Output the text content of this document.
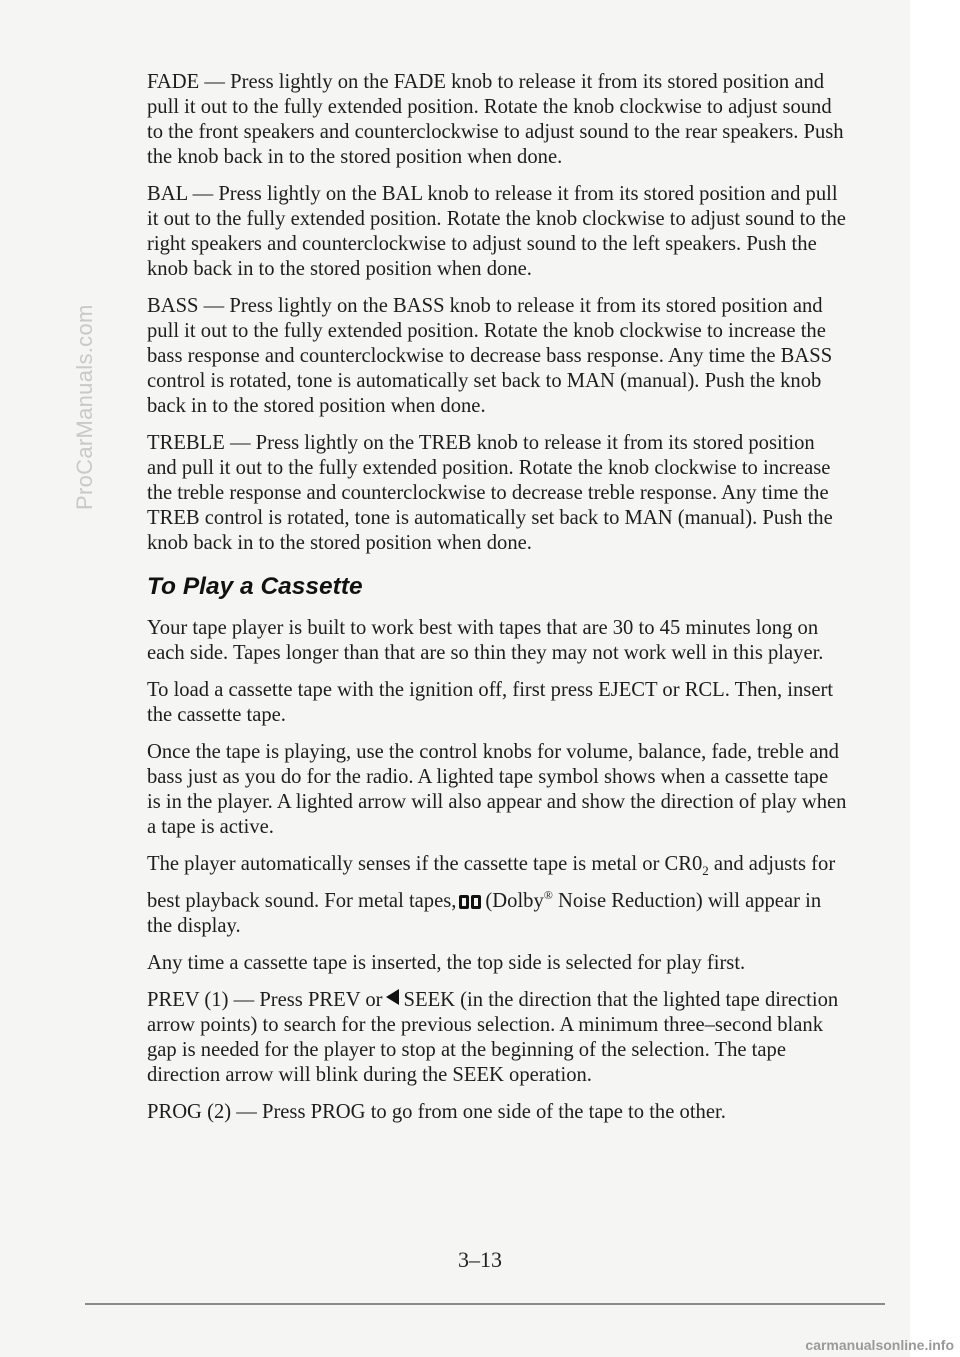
ProCarManuals.com

FADE — Press lightly on the FADE knob to release it from its stored position and pull it out to the fully extended position. Rotate the knob clockwise to adjust sound to the front speakers and counterclockwise to adjust sound to the rear speakers. Push the knob back in to the stored position when done.

BAL — Press lightly on the BAL knob to release it from its stored position and pull it out to the fully extended position. Rotate the knob clockwise to adjust sound to the right speakers and counterclockwise to adjust sound to the left speakers. Push the knob back in to the stored position when done.

BASS — Press lightly on the BASS knob to release it from its stored position and pull it out to the fully extended position. Rotate the knob clockwise to increase the bass response and counterclockwise to decrease bass response. Any time the BASS control is rotated, tone is automatically set back to MAN (manual). Push the knob back in to the stored position when done.

TREBLE — Press lightly on the TREB knob to release it from its stored position and pull it out to the fully extended position. Rotate the knob clockwise to increase the treble response and counterclockwise to decrease treble response. Any time the TREB control is rotated, tone is automatically set back to MAN (manual). Push the knob back in to the stored position when done.

To Play a Cassette

Your tape player is built to work best with tapes that are 30 to 45 minutes long on each side. Tapes longer than that are so thin they may not work well in this player.

To load a cassette tape with the ignition off, first press EJECT or RCL. Then, insert the cassette tape.

Once the tape is playing, use the control knobs for volume, balance, fade, treble and bass just as you do for the radio. A lighted tape symbol shows when a cassette tape is in the player. A lighted arrow will also appear and show the direction of play when a tape is active.

The player automatically senses if the cassette tape is metal or $CR0_2$ and adjusts for best playback sound. For metal tapes, (Dolby® Noise Reduction) will appear in the display.

Any time a cassette tape is inserted, the top side is selected for play first.

PREV (1) — Press PREV or SEEK (in the direction that the lighted tape direction arrow points) to search for the previous selection. A minimum three–second blank gap is needed for the player to stop at the beginning of the selection. The tape direction arrow will blink during the SEEK operation.

PROG (2) — Press PROG to go from one side of the tape to the other.

3–13
carmanualsonline.info
